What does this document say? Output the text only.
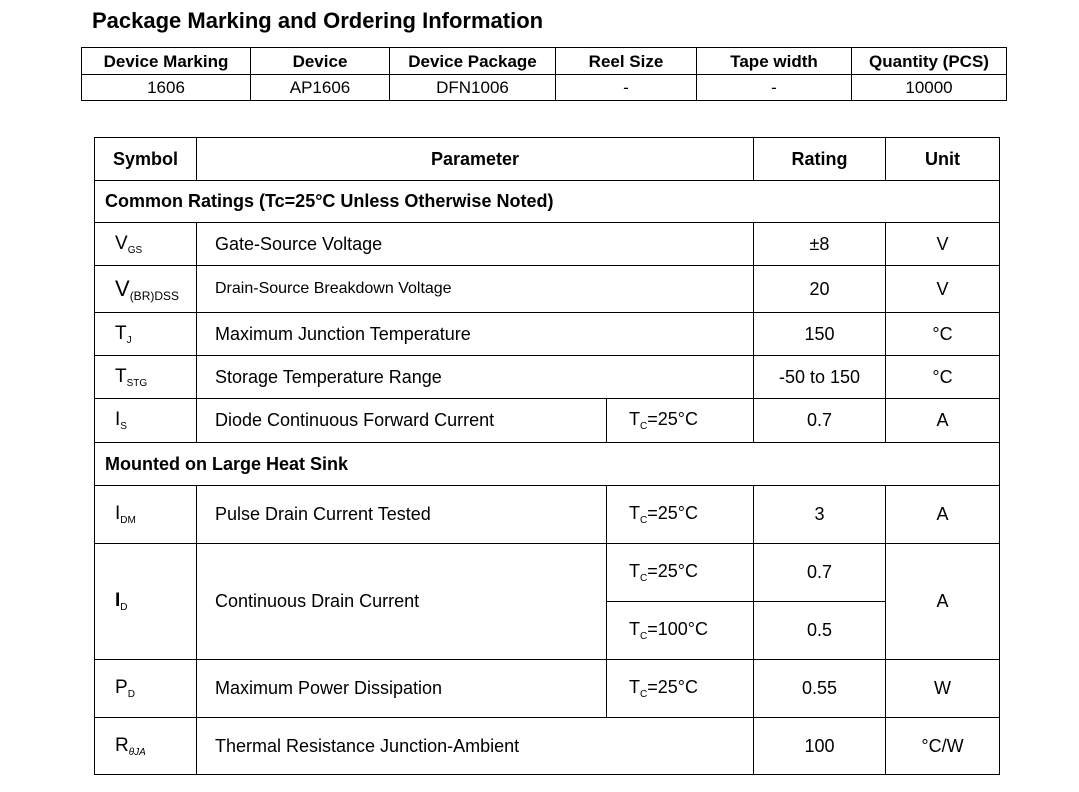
Package Marking and Ordering Information
Device Marking	Device	Device Package	Reel Size	Tape width	Quantity (PCS)
1606	AP1606	DFN1006	-	-	10000
Symbol	Parameter		Rating	Unit
Common Ratings (Tc=25°C Unless Otherwise Noted)				
$V_{GS}$	Gate-Source Voltage		±8	V
$V_{(BR)DSS}$	Drain-Source Breakdown Voltage		20	V
$T_J$	Maximum Junction Temperature		150	°C
$T_{STG}$	Storage Temperature Range		-50 to 150	°C
$I_S$	Diode Continuous Forward Current	$T_C=25^\circ C$	0.7	A
Mounted on Large Heat Sink				
$I_{DM}$	Pulse Drain Current Tested	$T_C=25^\circ C$	3	A
$I_D$	Continuous Drain Current	$T_C=25^\circ C$	0.7	A
		$T_C=100^\circ C$	0.5	
$P_D$	Maximum Power Dissipation	$T_C=25^\circ C$	0.55	W
$R_{\theta JA}$	Thermal Resistance Junction-Ambient		100	°C/W
